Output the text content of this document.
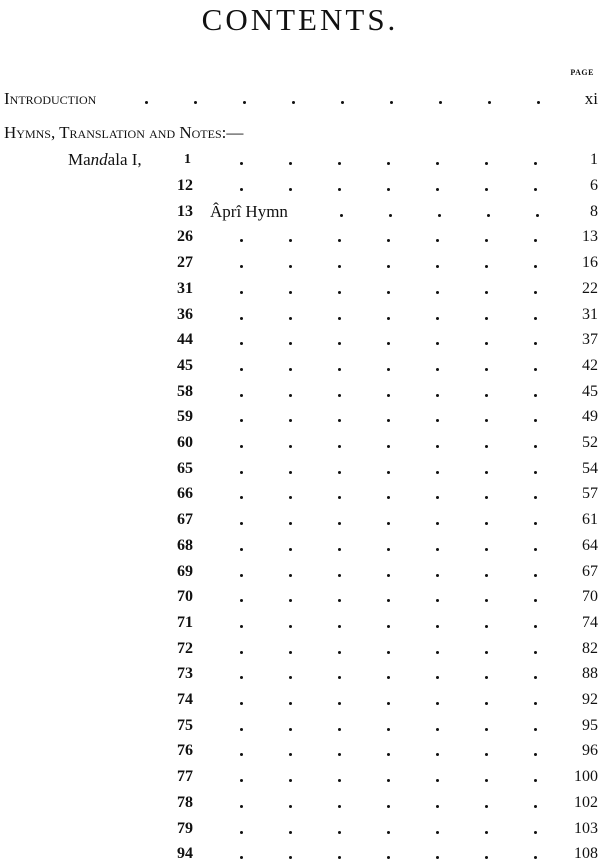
CONTENTS.
PAGE
Introduction	xi
Hymns, Translation and Notes:—
Mandala I,	1	1
12	6
13	Âprî Hymn	8
26	13
27	16
31	22
36	31
44	37
45	42
58	45
59	49
60	52
65	54
66	57
67	61
68	64
69	67
70	70
71	74
72	82
73	88
74	92
75	95
76	96
77	100
78	102
79	103
94	108
